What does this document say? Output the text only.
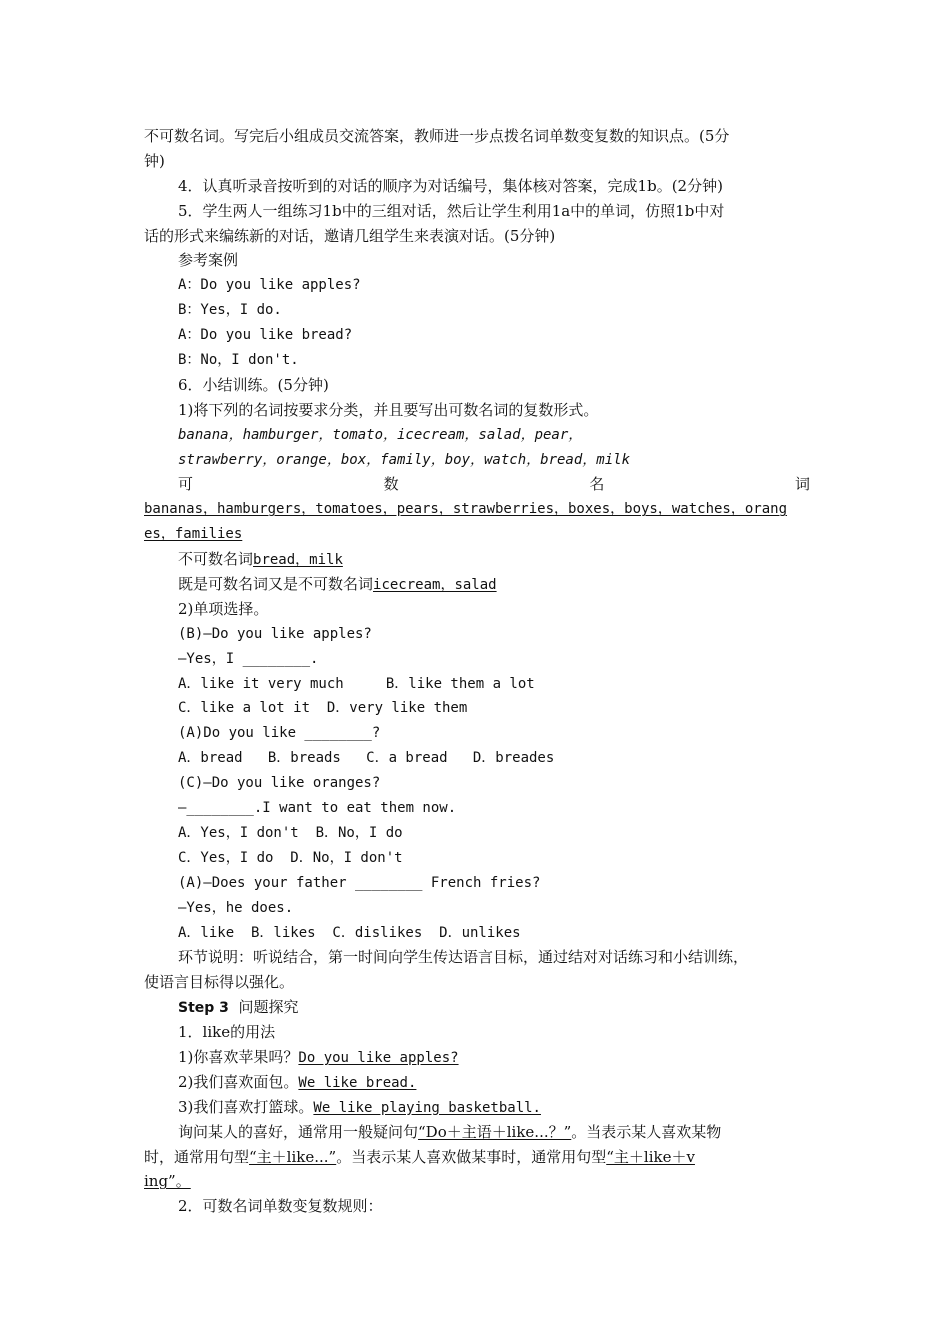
不可数名词。写完后小组成员交流答案，教师进一步点拨名词单数变复数的知识点。(5分
钟)
4．认真听录音按听到的对话的顺序为对话编号，集体核对答案，完成1b。(2分钟)
5．学生两人一组练习1b中的三组对话，然后让学生利用1a中的单词，仿照1b中对
话的形式来编练新的对话，邀请几组学生来表演对话。(5分钟)
参考案例
A：Do you like apples?
B：Yes，I do.
A：Do you like bread?
B：No，I don't.
6．小结训练。(5分钟)
1)将下列的名词按要求分类，并且要写出可数名词的复数形式。
banana，hamburger，tomato，icecream，salad，pear，
strawberry，orange，box，family，boy，watch，bread，milk
可	数	名	词
bananas，hamburgers，tomatoes，pears，strawberries，boxes，boys，watches，orang
es，families
不可数名词bread，milk
既是可数名词又是不可数名词icecream，salad
2)单项选择。
(B)—Do you like apples?
—Yes，I ________.
A．like it very much     B．like them a lot
C．like a lot it  D．very like them
(A)Do you like ________?
A．bread   B．breads   C．a bread   D．breades
(C)—Do you like oranges?
—________.I want to eat them now.
A．Yes，I don't  B．No，I do
C．Yes，I do  D．No，I don't
(A)—Does your father ________ French fries?
—Yes，he does.
A．like  B．likes  C．dislikes  D．unlikes
环节说明：听说结合，第一时间向学生传达语言目标，通过结对对话练习和小结训练，
使语言目标得以强化。
Step 3 问题探究
1．like的用法
1)你喜欢苹果吗？Do you like apples?
2)我们喜欢面包。We like bread.
3)我们喜欢打篮球。We like playing basketball.
询问某人的喜好，通常用一般疑问句“Do＋主语＋like...？”。当表示某人喜欢某物
时，通常用句型“主＋like...”。当表示某人喜欢做某事时，通常用句型“主＋like＋v
ing”。
2．可数名词单数变复数规则：
